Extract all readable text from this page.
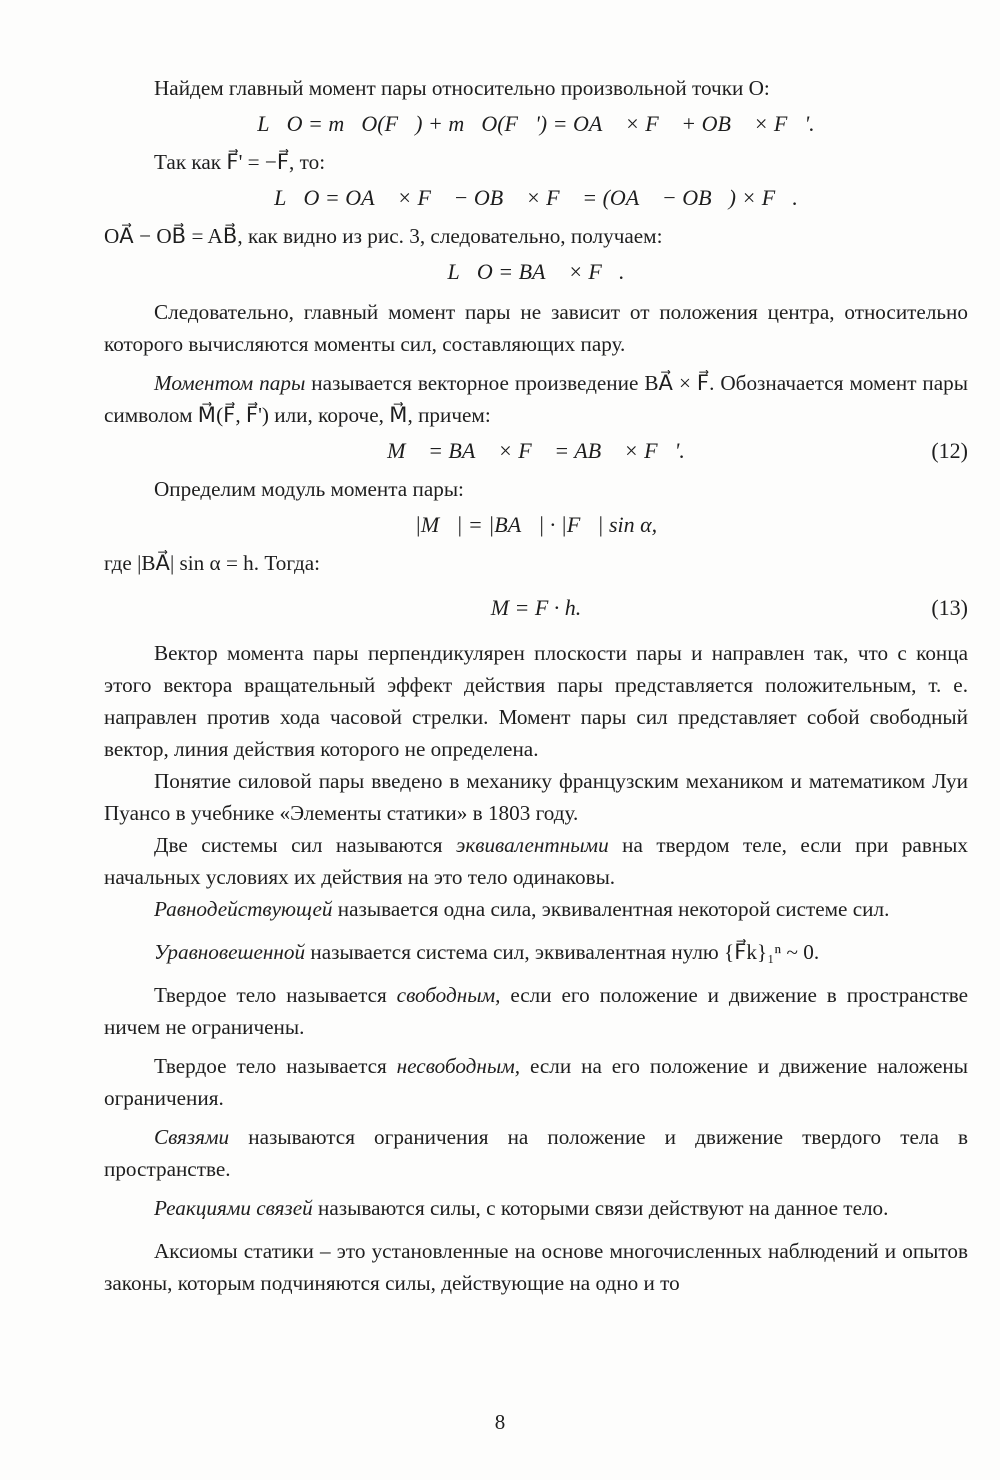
Найдем главный момент пары относительно произвольной точки O:

L⃗O = m⃗O(F⃗) + m⃗O(F⃗') = OA⃗ × F⃗ + OB⃗ × F⃗'.

Так как F⃗' = −F⃗, то:

L⃗O = OA⃗ × F⃗ − OB⃗ × F⃗ = (OA⃗ − OB⃗) × F⃗.

OA⃗ − OB⃗ = AB⃗, как видно из рис. 3, следовательно, получаем:

L⃗O = BA⃗ × F⃗.

Следовательно, главный момент пары не зависит от положения центра, относительно которого вычисляются моменты сил, составляющих пару.

Моментом пары называется векторное произведение BA⃗ × F⃗. Обозначается момент пары символом M⃗(F⃗, F⃗') или, короче, M⃗, причем:

M⃗ = BA⃗ × F⃗ = AB⃗ × F⃗'.	(12)

Определим модуль момента пары:

|M⃗| = |BA⃗| · |F⃗| sin α,

где |BA⃗| sin α = h. Тогда:

M = F · h.	(13)

Вектор момента пары перпендикулярен плоскости пары и направлен так, что с конца этого вектора вращательный эффект действия пары представляется положительным, т. е. направлен против хода часовой стрелки. Момент пары сил представляет собой свободный вектор, линия действия которого не определена.

Понятие силовой пары введено в механику французским механиком и математиком Луи Пуансо в учебнике «Элементы статики» в 1803 году.

Две системы сил называются эквивалентными на твердом теле, если при равных начальных условиях их действия на это тело одинаковы.

Равнодействующей называется одна сила, эквивалентная некоторой системе сил.

Уравновешенной называется система сил, эквивалентная нулю {F⃗k}₁ⁿ ~ 0.

Твердое тело называется свободным, если его положение и движение в пространстве ничем не ограничены.

Твердое тело называется несвободным, если на его положение и движение наложены ограничения.

Связями называются ограничения на положение и движение твердого тела в пространстве.

Реакциями связей называются силы, с которыми связи действуют на данное тело.

Аксиомы статики – это установленные на основе многочисленных наблюдений и опытов законы, которым подчиняются силы, действующие на одно и то

8
